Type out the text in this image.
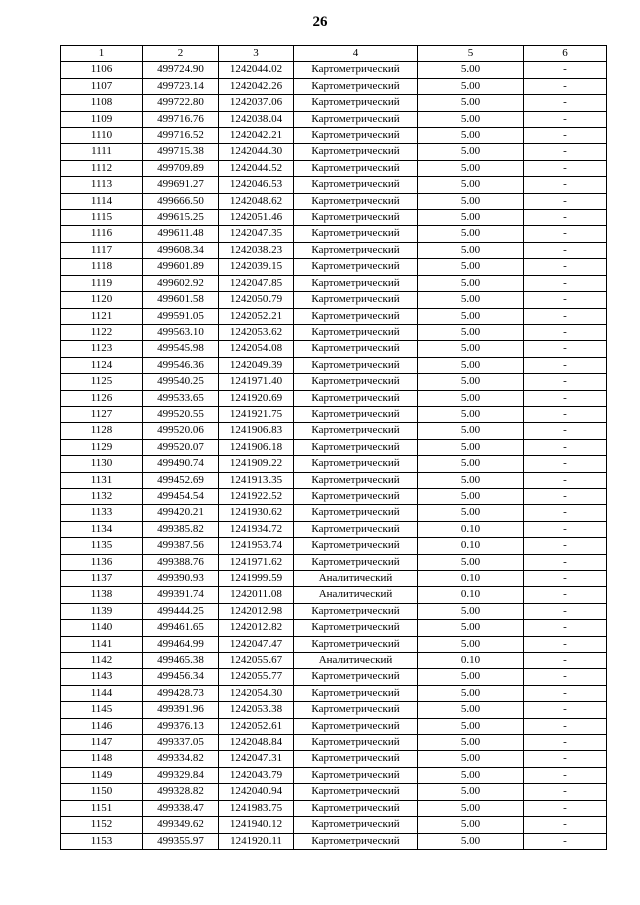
26
1	2	3	4	5	6
1106	499724.90	1242044.02	Картометрический	5.00	-
1107	499723.14	1242042.26	Картометрический	5.00	-
1108	499722.80	1242037.06	Картометрический	5.00	-
1109	499716.76	1242038.04	Картометрический	5.00	-
1110	499716.52	1242042.21	Картометрический	5.00	-
1111	499715.38	1242044.30	Картометрический	5.00	-
1112	499709.89	1242044.52	Картометрический	5.00	-
1113	499691.27	1242046.53	Картометрический	5.00	-
1114	499666.50	1242048.62	Картометрический	5.00	-
1115	499615.25	1242051.46	Картометрический	5.00	-
1116	499611.48	1242047.35	Картометрический	5.00	-
1117	499608.34	1242038.23	Картометрический	5.00	-
1118	499601.89	1242039.15	Картометрический	5.00	-
1119	499602.92	1242047.85	Картометрический	5.00	-
1120	499601.58	1242050.79	Картометрический	5.00	-
1121	499591.05	1242052.21	Картометрический	5.00	-
1122	499563.10	1242053.62	Картометрический	5.00	-
1123	499545.98	1242054.08	Картометрический	5.00	-
1124	499546.36	1242049.39	Картометрический	5.00	-
1125	499540.25	1241971.40	Картометрический	5.00	-
1126	499533.65	1241920.69	Картометрический	5.00	-
1127	499520.55	1241921.75	Картометрический	5.00	-
1128	499520.06	1241906.83	Картометрический	5.00	-
1129	499520.07	1241906.18	Картометрический	5.00	-
1130	499490.74	1241909.22	Картометрический	5.00	-
1131	499452.69	1241913.35	Картометрический	5.00	-
1132	499454.54	1241922.52	Картометрический	5.00	-
1133	499420.21	1241930.62	Картометрический	5.00	-
1134	499385.82	1241934.72	Картометрический	0.10	-
1135	499387.56	1241953.74	Картометрический	0.10	-
1136	499388.76	1241971.62	Картометрический	5.00	-
1137	499390.93	1241999.59	Аналитический	0.10	-
1138	499391.74	1242011.08	Аналитический	0.10	-
1139	499444.25	1242012.98	Картометрический	5.00	-
1140	499461.65	1242012.82	Картометрический	5.00	-
1141	499464.99	1242047.47	Картометрический	5.00	-
1142	499465.38	1242055.67	Аналитический	0.10	-
1143	499456.34	1242055.77	Картометрический	5.00	-
1144	499428.73	1242054.30	Картометрический	5.00	-
1145	499391.96	1242053.38	Картометрический	5.00	-
1146	499376.13	1242052.61	Картометрический	5.00	-
1147	499337.05	1242048.84	Картометрический	5.00	-
1148	499334.82	1242047.31	Картометрический	5.00	-
1149	499329.84	1242043.79	Картометрический	5.00	-
1150	499328.82	1242040.94	Картометрический	5.00	-
1151	499338.47	1241983.75	Картометрический	5.00	-
1152	499349.62	1241940.12	Картометрический	5.00	-
1153	499355.97	1241920.11	Картометрический	5.00	-
